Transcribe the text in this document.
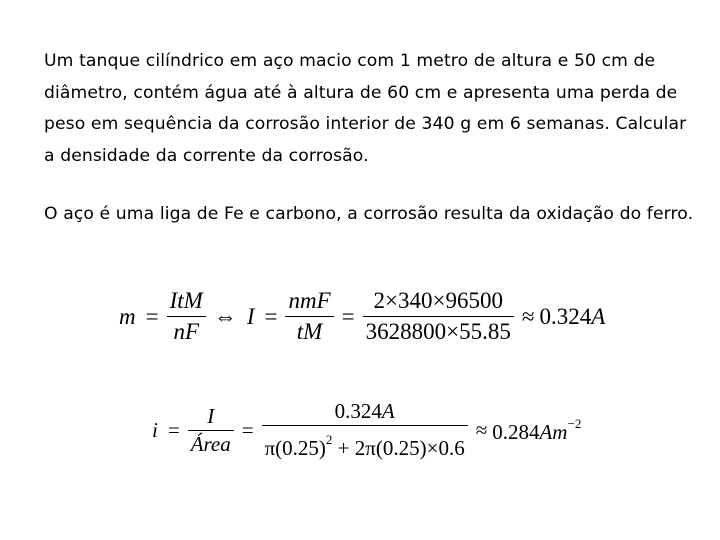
Um tanque cilíndrico em aço macio com 1 metro de altura e 50 cm de diâmetro, contém água até à altura de 60 cm e apresenta uma perda de peso em sequência da corrosão interior de 340 g em 6 semanas. Calcular a densidade da corrente da corrosão.

O aço é uma liga de Fe e carbono, a corrosão resulta da oxidação do ferro.

$m = \frac{\text{ItM}}{nF}$ ⇔ $I = \frac{\text{nmF}}{tM} = \frac{2\times 340\times 96500}{3628800\times 55.85} \approx 0.324A$
$i = \frac{I}{\text{Área}} = \frac{0.324A}{\pi(0.25)^2 + 2\pi(0.25)\times 0.6} \approx 0.284Am^{-2}$
